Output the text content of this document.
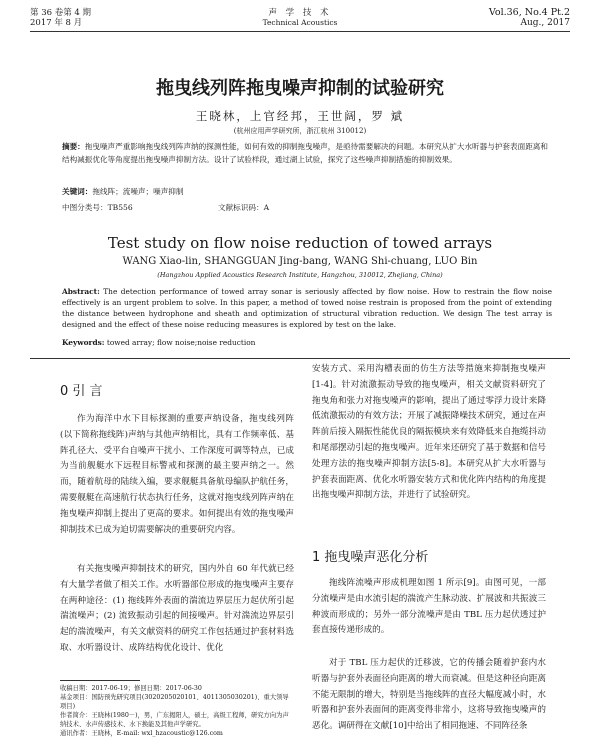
第 36 卷第 4 期
2017 年 8 月
声 学 技 术
Technical Acoustics
Vol.36, No.4 Pt.2
Aug., 2017
拖曳线列阵拖曳噪声抑制的试验研究
王晓林，上官经邦，王世阔，罗 斌
(杭州应用声学研究所，浙江杭州 310012)
摘要：拖曳噪声严重影响拖曳线列阵声纳的探测性能，如何有效的抑制拖曳噪声，是亟待需要解决的问题。本研究从扩大水听器与护套表面距离和结构减振优化等角度提出拖曳噪声抑制方法。设计了试验样段，通过湖上试验，探究了这些噪声抑制措施的抑制效果。
关键词：拖线阵；流噪声；噪声抑制
中图分类号：TB556	文献标识码：A
Test study on flow noise reduction of towed arrays
WANG Xiao-lin, SHANGGUAN Jing-bang, WANG Shi-chuang, LUO Bin
(Hangzhou Applied Acoustics Research Institute, Hangzhou, 310012, Zhejiang, China)
Abstract: The detection performance of towed array sonar is seriously affected by flow noise. How to restrain the flow noise effectively is an urgent problem to solve. In this paper, a method of towed noise restrain is proposed from the point of extending the distance between hydrophone and sheath and optimization of structural vibration reduction. We design The test array is designed and the effect of these noise reducing measures is explored by test on the lake.
Keywords: towed array; flow noise;noise reduction
0 引 言
作为海洋中水下目标探测的重要声纳设备，拖曳线列阵(以下简称拖线阵)声纳与其他声纳相比，具有工作频率低、基阵孔径大、受平台自噪声干扰小、工作深度可调等特点，已成为当前舰艇水下远程目标警戒和探测的最主要声纳之一。然而，随着航母的陆续入编，要求舰艇具备航母编队护航任务，需要舰艇在高速航行状态执行任务，这就对拖曳线列阵声纳在拖曳噪声抑制上提出了更高的要求。如何提出有效的拖曳噪声抑制技术已成为迫切需要解决的重要研究内容。
有关拖曳噪声抑制技术的研究，国内外自 60 年代就已经有大量学者做了相关工作。水听器部位形成的拖曳噪声主要存在两种途径：(1) 拖线阵外表面的湍流边界层压力起伏所引起湍流噪声；(2) 流致振动引起的间接噪声。针对湍流边界层引起的湍流噪声，有关文献资料的研究工作包括通过护套材料选取、水听器设计、成阵结构优化设计、优化
收稿日期：2017-06-19；修回日期：2017-06-30
基金项目：国防预先研究项目(3020205020101、4011305030201)、重大领导项目)
作者简介：王晓林(1980－)，男，广东揭阳人，硕士，高级工程师，研究方向为声纳技术、水声传感技术、水下换能及其他声学研究。
通讯作者：王晓林，E-mail: wxl_hzacoustic@126.com
安装方式、采用沟槽表面的仿生方法等措施来抑制拖曳噪声[1-4]。针对流激振动导致的拖曳噪声，相关文献资料研究了拖曳角和张力对拖曳噪声的影响，提出了通过零浮力设计来降低流激振动的有效方法；开展了减振降噪技术研究，通过在声阵前后接入隔振性能优良的隔振模块来有效降低来自拖缆抖动和尾部摆动引起的拖曳噪声。近年来还研究了基于数据和信号处理方法的拖曳噪声抑制方法[5-8]。本研究从扩大水听器与护套表面距离、优化水听器安装方式和优化阵内结构的角度提出拖曳噪声抑制方法，并进行了试验研究。
1 拖曳噪声恶化分析
拖线阵流噪声形成机理如图 1 所示[9]。由图可见，一部分流噪声是由水流引起的湍流产生脉动波、扩展波和共振波三种波而形成的；另外一部分流噪声是由 TBL 压力起伏透过护套直接传递形成的。
对于 TBL 压力起伏的迁移波，它的传播会随着护套内水听器与护套外表面径向距离的增大而衰减。但是这种径向距离不能无限制的增大，特别是当拖线阵的直径大幅度减小时，水听器和护套外表面间的距离变得非常小，这将导致拖曳噪声的恶化。调研得在文献[10]中给出了相同拖速、不同阵径条
